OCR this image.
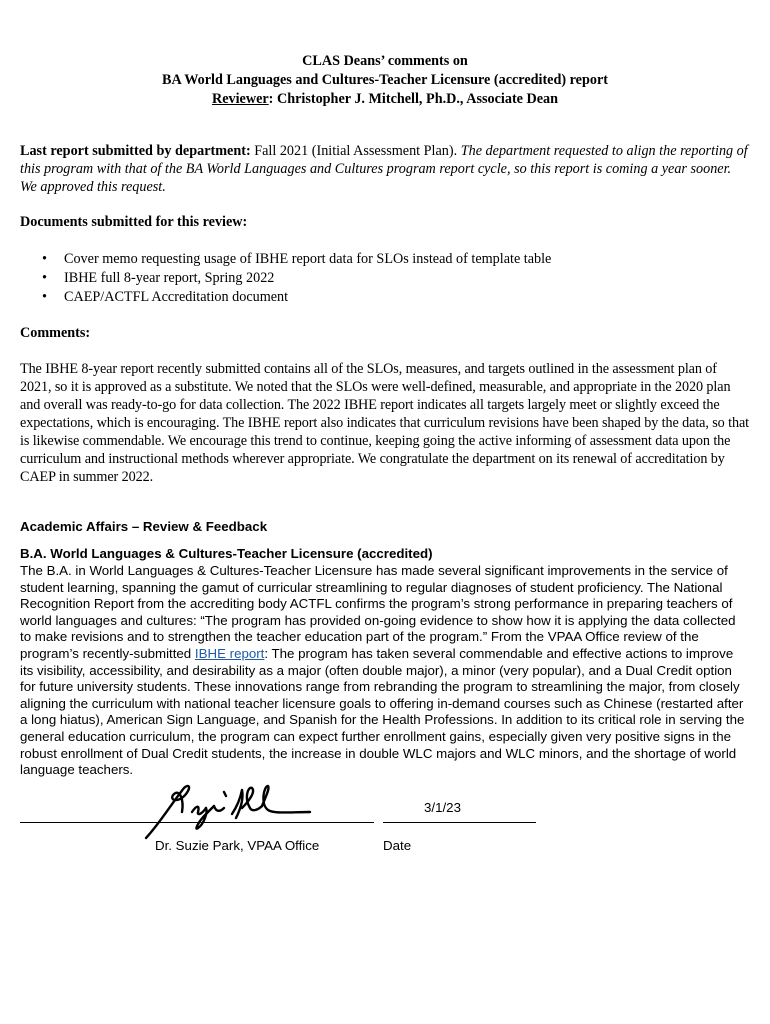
CLAS Deans’ comments on
BA World Languages and Cultures-Teacher Licensure (accredited) report
Reviewer: Christopher J. Mitchell, Ph.D., Associate Dean

Last report submitted by department: Fall 2021 (Initial Assessment Plan). The department requested to align the reporting of this program with that of the BA World Languages and Cultures program report cycle, so this report is coming a year sooner. We approved this request.

Documents submitted for this review:

• Cover memo requesting usage of IBHE report data for SLOs instead of template table
• IBHE full 8-year report, Spring 2022
• CAEP/ACTFL Accreditation document

Comments:

The IBHE 8-year report recently submitted contains all of the SLOs, measures, and targets outlined in the assessment plan of 2021, so it is approved as a substitute. We noted that the SLOs were well-defined, measurable, and appropriate in the 2020 plan and overall was ready-to-go for data collection. The 2022 IBHE report indicates all targets largely meet or slightly exceed the expectations, which is encouraging. The IBHE report also indicates that curriculum revisions have been shaped by the data, so that is likewise commendable. We encourage this trend to continue, keeping going the active informing of assessment data upon the curriculum and instructional methods wherever appropriate. We congratulate the department on its renewal of accreditation by CAEP in summer 2022.

Academic Affairs – Review & Feedback

B.A. World Languages & Cultures-Teacher Licensure (accredited)

The B.A. in World Languages & Cultures-Teacher Licensure has made several significant improvements in the service of student learning, spanning the gamut of curricular streamlining to regular diagnoses of student proficiency. The National Recognition Report from the accrediting body ACTFL confirms the program’s strong performance in preparing teachers of world languages and cultures: “The program has provided on-going evidence to show how it is applying the data collected to make revisions and to strengthen the teacher education part of the program.” From the VPAA Office review of the program’s recently-submitted IBHE report: The program has taken several commendable and effective actions to improve its visibility, accessibility, and desirability as a major (often double major), a minor (very popular), and a Dual Credit option for future university students. These innovations range from rebranding the program to streamlining the major, from closely aligning the curriculum with national teacher licensure goals to offering in-demand courses such as Chinese (restarted after a long hiatus), American Sign Language, and Spanish for the Health Professions. In addition to its critical role in serving the general education curriculum, the program can expect further enrollment gains, especially given very positive signs in the robust enrollment of Dual Credit students, the increase in double WLC majors and WLC minors, and the shortage of world language teachers.

3/1/23
Dr. Suzie Park, VPAA Office	Date
